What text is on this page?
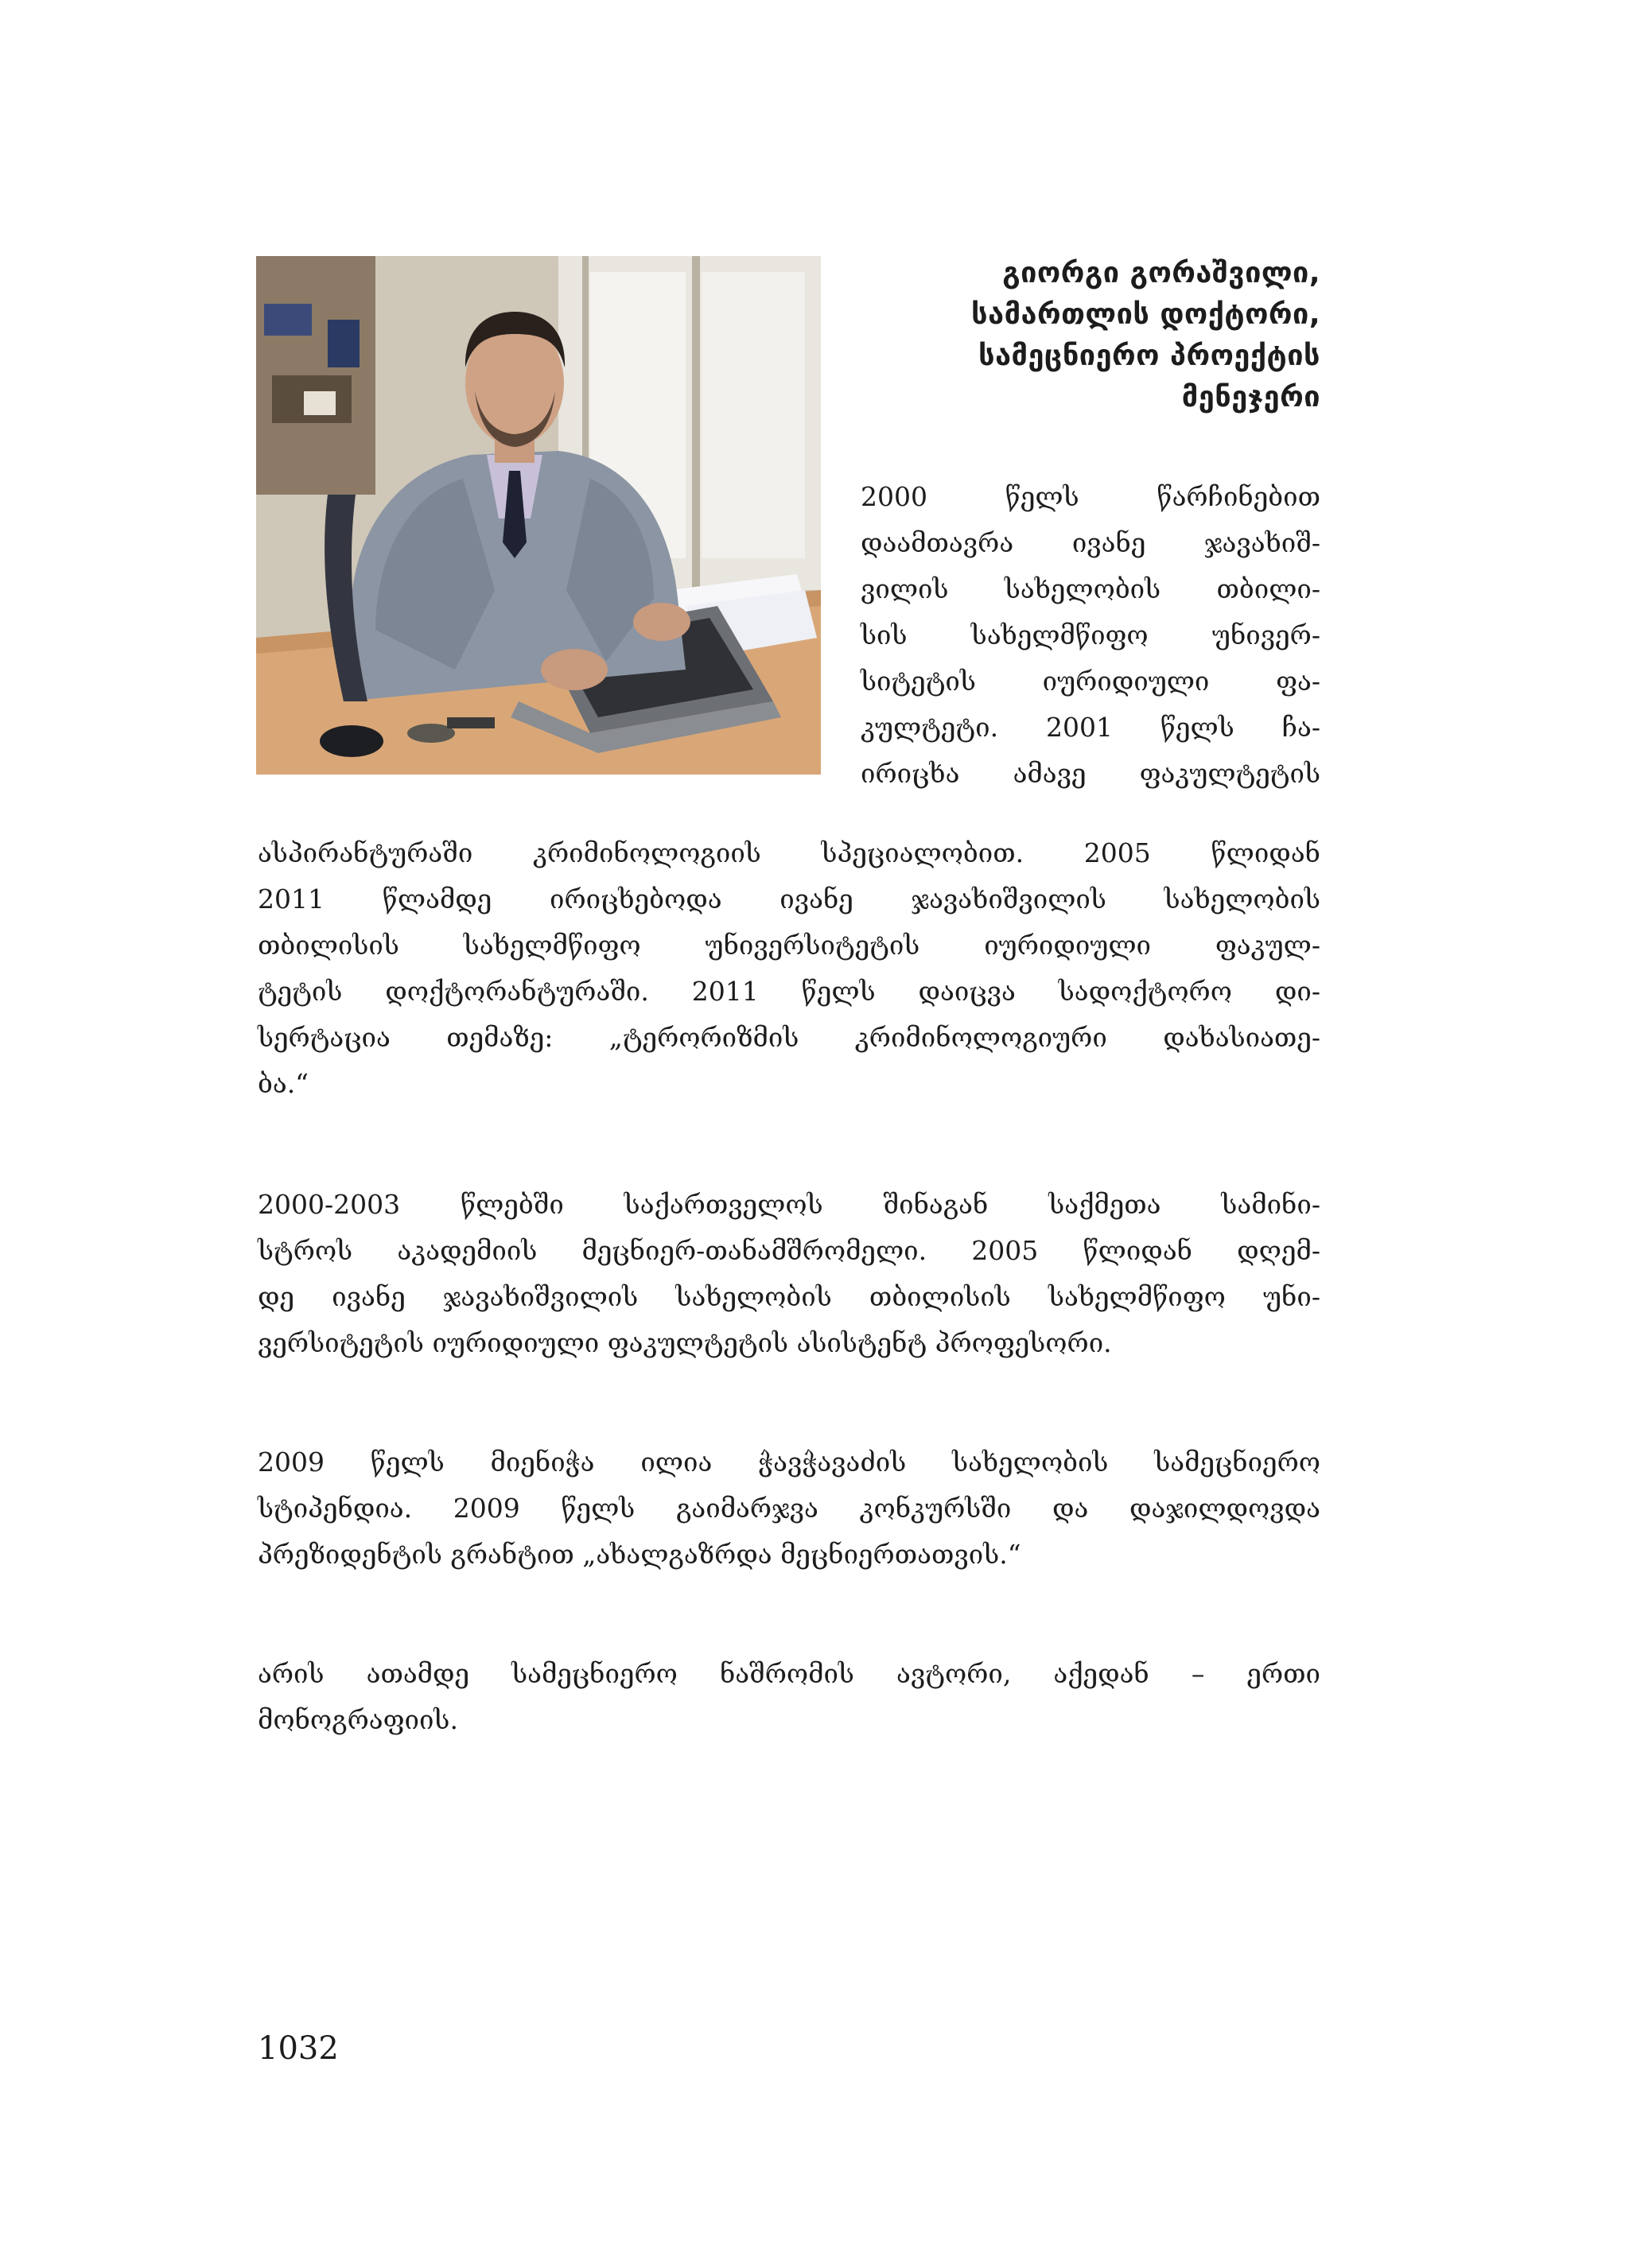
გიორგი გორაშვილი,
სამართლის დოქტორი,
სამეცნიერო პროექტის
მენეჯერი
2000 წელს წარჩინებით
დაამთავრა ივანე ჯავახიშ-
ვილის სახელობის თბილი-
სის სახელმწიფო უნივერ-
სიტეტის იურიდიული ფა-
კულტეტი. 2001 წელს ჩა-
ირიცხა ამავე ფაკულტეტის
ასპირანტურაში კრიმინოლოგიის სპეციალობით. 2005 წლიდან
2011 წლამდე ირიცხებოდა ივანე ჯავახიშვილის სახელობის
თბილისის სახელმწიფო უნივერსიტეტის იურიდიული ფაკულ-
ტეტის დოქტორანტურაში. 2011 წელს დაიცვა სადოქტორო დი-
სერტაცია თემაზე: „ტერორიზმის კრიმინოლოგიური დახასიათე-
ბა.“
2000-2003 წლებში საქართველოს შინაგან საქმეთა სამინი-
სტროს აკადემიის მეცნიერ-თანამშრომელი. 2005 წლიდან დღემ-
დე ივანე ჯავახიშვილის სახელობის თბილისის სახელმწიფო უნი-
ვერსიტეტის იურიდიული ფაკულტეტის ასისტენტ პროფესორი.
2009 წელს მიენიჭა ილია ჭავჭავაძის სახელობის სამეცნიერო
სტიპენდია. 2009 წელს გაიმარჯვა კონკურსში და დაჯილდოვდა
პრეზიდენტის გრანტით „ახალგაზრდა მეცნიერთათვის.“
არის ათამდე სამეცნიერო ნაშრომის ავტორი, აქედან – ერთი
მონოგრაფიის.
1032
